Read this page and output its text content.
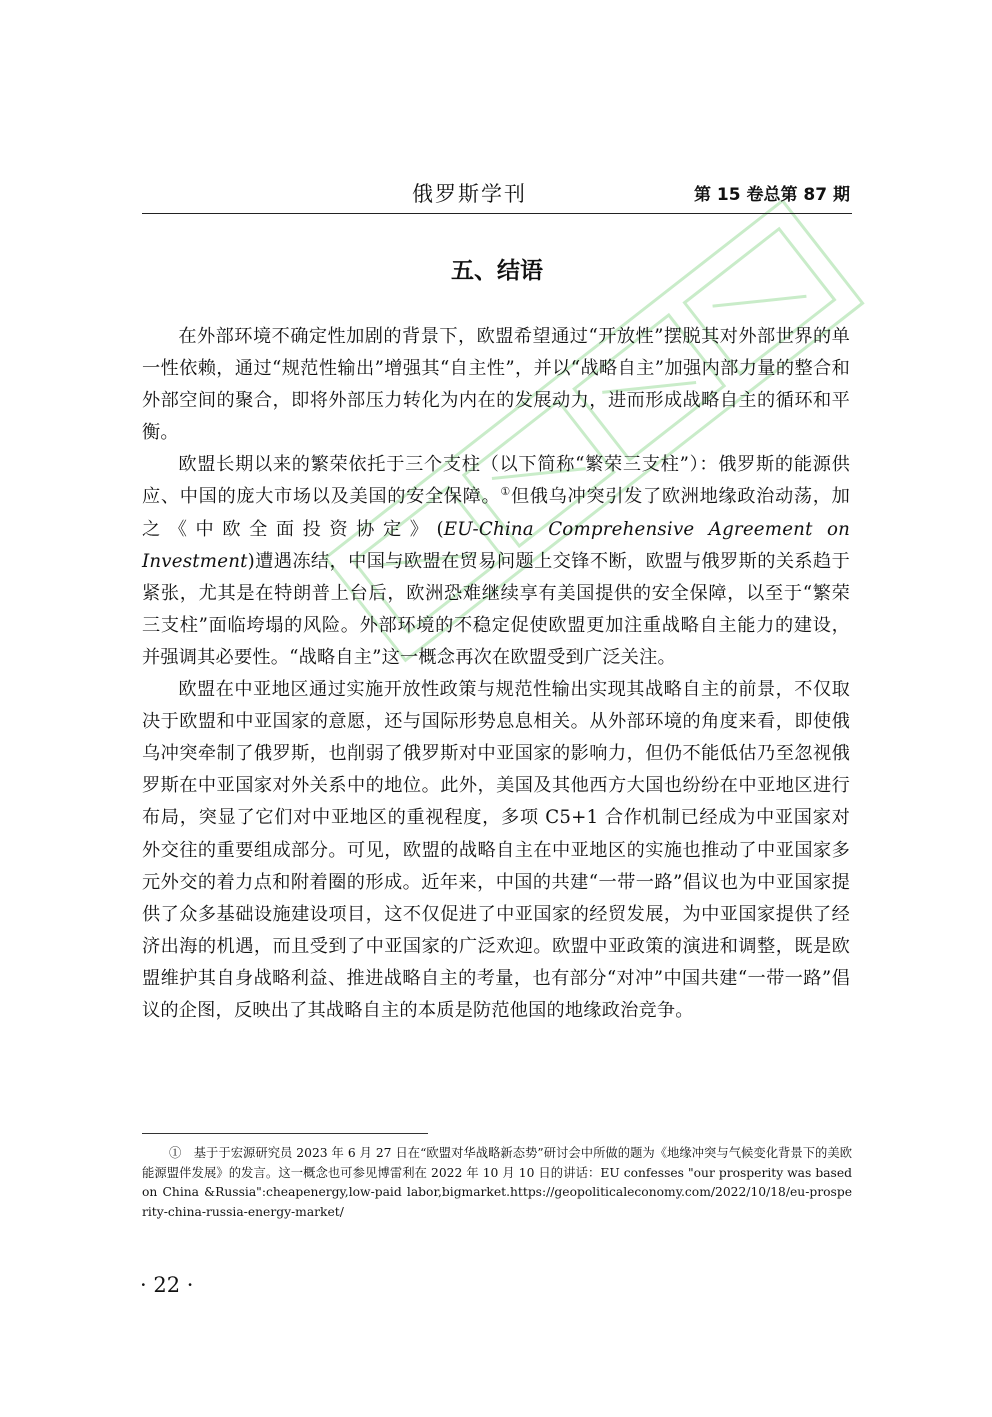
俄罗斯学刊	第 15 卷总第 87 期
五、结语

在外部环境不确定性加剧的背景下，欧盟希望通过“开放性”摆脱其对外部世界的单一性依赖，通过“规范性输出”增强其“自主性”，并以“战略自主”加强内部力量的整合和外部空间的聚合，即将外部压力转化为内在的发展动力，进而形成战略自主的循环和平衡。

欧盟长期以来的繁荣依托于三个支柱（以下简称“繁荣三支柱”）：俄罗斯的能源供应、中国的庞大市场以及美国的安全保障。①但俄乌冲突引发了欧洲地缘政治动荡，加之《中欧全面投资协定》(EU-China Comprehensive Agreement on Investment)遭遇冻结，中国与欧盟在贸易问题上交锋不断，欧盟与俄罗斯的关系趋于紧张，尤其是在特朗普上台后，欧洲恐难继续享有美国提供的安全保障，以至于“繁荣三支柱”面临垮塌的风险。外部环境的不稳定促使欧盟更加注重战略自主能力的建设，并强调其必要性。“战略自主”这一概念再次在欧盟受到广泛关注。

欧盟在中亚地区通过实施开放性政策与规范性输出实现其战略自主的前景，不仅取决于欧盟和中亚国家的意愿，还与国际形势息息相关。从外部环境的角度来看，即使俄乌冲突牵制了俄罗斯，也削弱了俄罗斯对中亚国家的影响力，但仍不能低估乃至忽视俄罗斯在中亚国家对外关系中的地位。此外，美国及其他西方大国也纷纷在中亚地区进行布局，突显了它们对中亚地区的重视程度，多项 C5+1 合作机制已经成为中亚国家对外交往的重要组成部分。可见，欧盟的战略自主在中亚地区的实施也推动了中亚国家多元外交的着力点和附着圈的形成。近年来，中国的共建“一带一路”倡议也为中亚国家提供了众多基础设施建设项目，这不仅促进了中亚国家的经贸发展，为中亚国家提供了经济出海的机遇，而且受到了中亚国家的广泛欢迎。欧盟中亚政策的演进和调整，既是欧盟维护其自身战略利益、推进战略自主的考量，也有部分“对冲”中国共建“一带一路”倡议的企图，反映出了其战略自主的本质是防范他国的地缘政治竞争。

①　基于于宏源研究员 2023 年 6 月 27 日在“欧盟对华战略新态势”研讨会中所做的题为《地缘冲突与气候变化背景下的美欧能源盟伴发展》的发言。这一概念也可参见博雷利在 2022 年 10 月 10 日的讲话：EU confesses "our prosperity was based on China &Russia":cheapenergy,low-paid labor,bigmarket.https://geopoliticaleconomy.com/2022/10/18/eu-prosperity-china-russia-energy-market/

· 22 ·
